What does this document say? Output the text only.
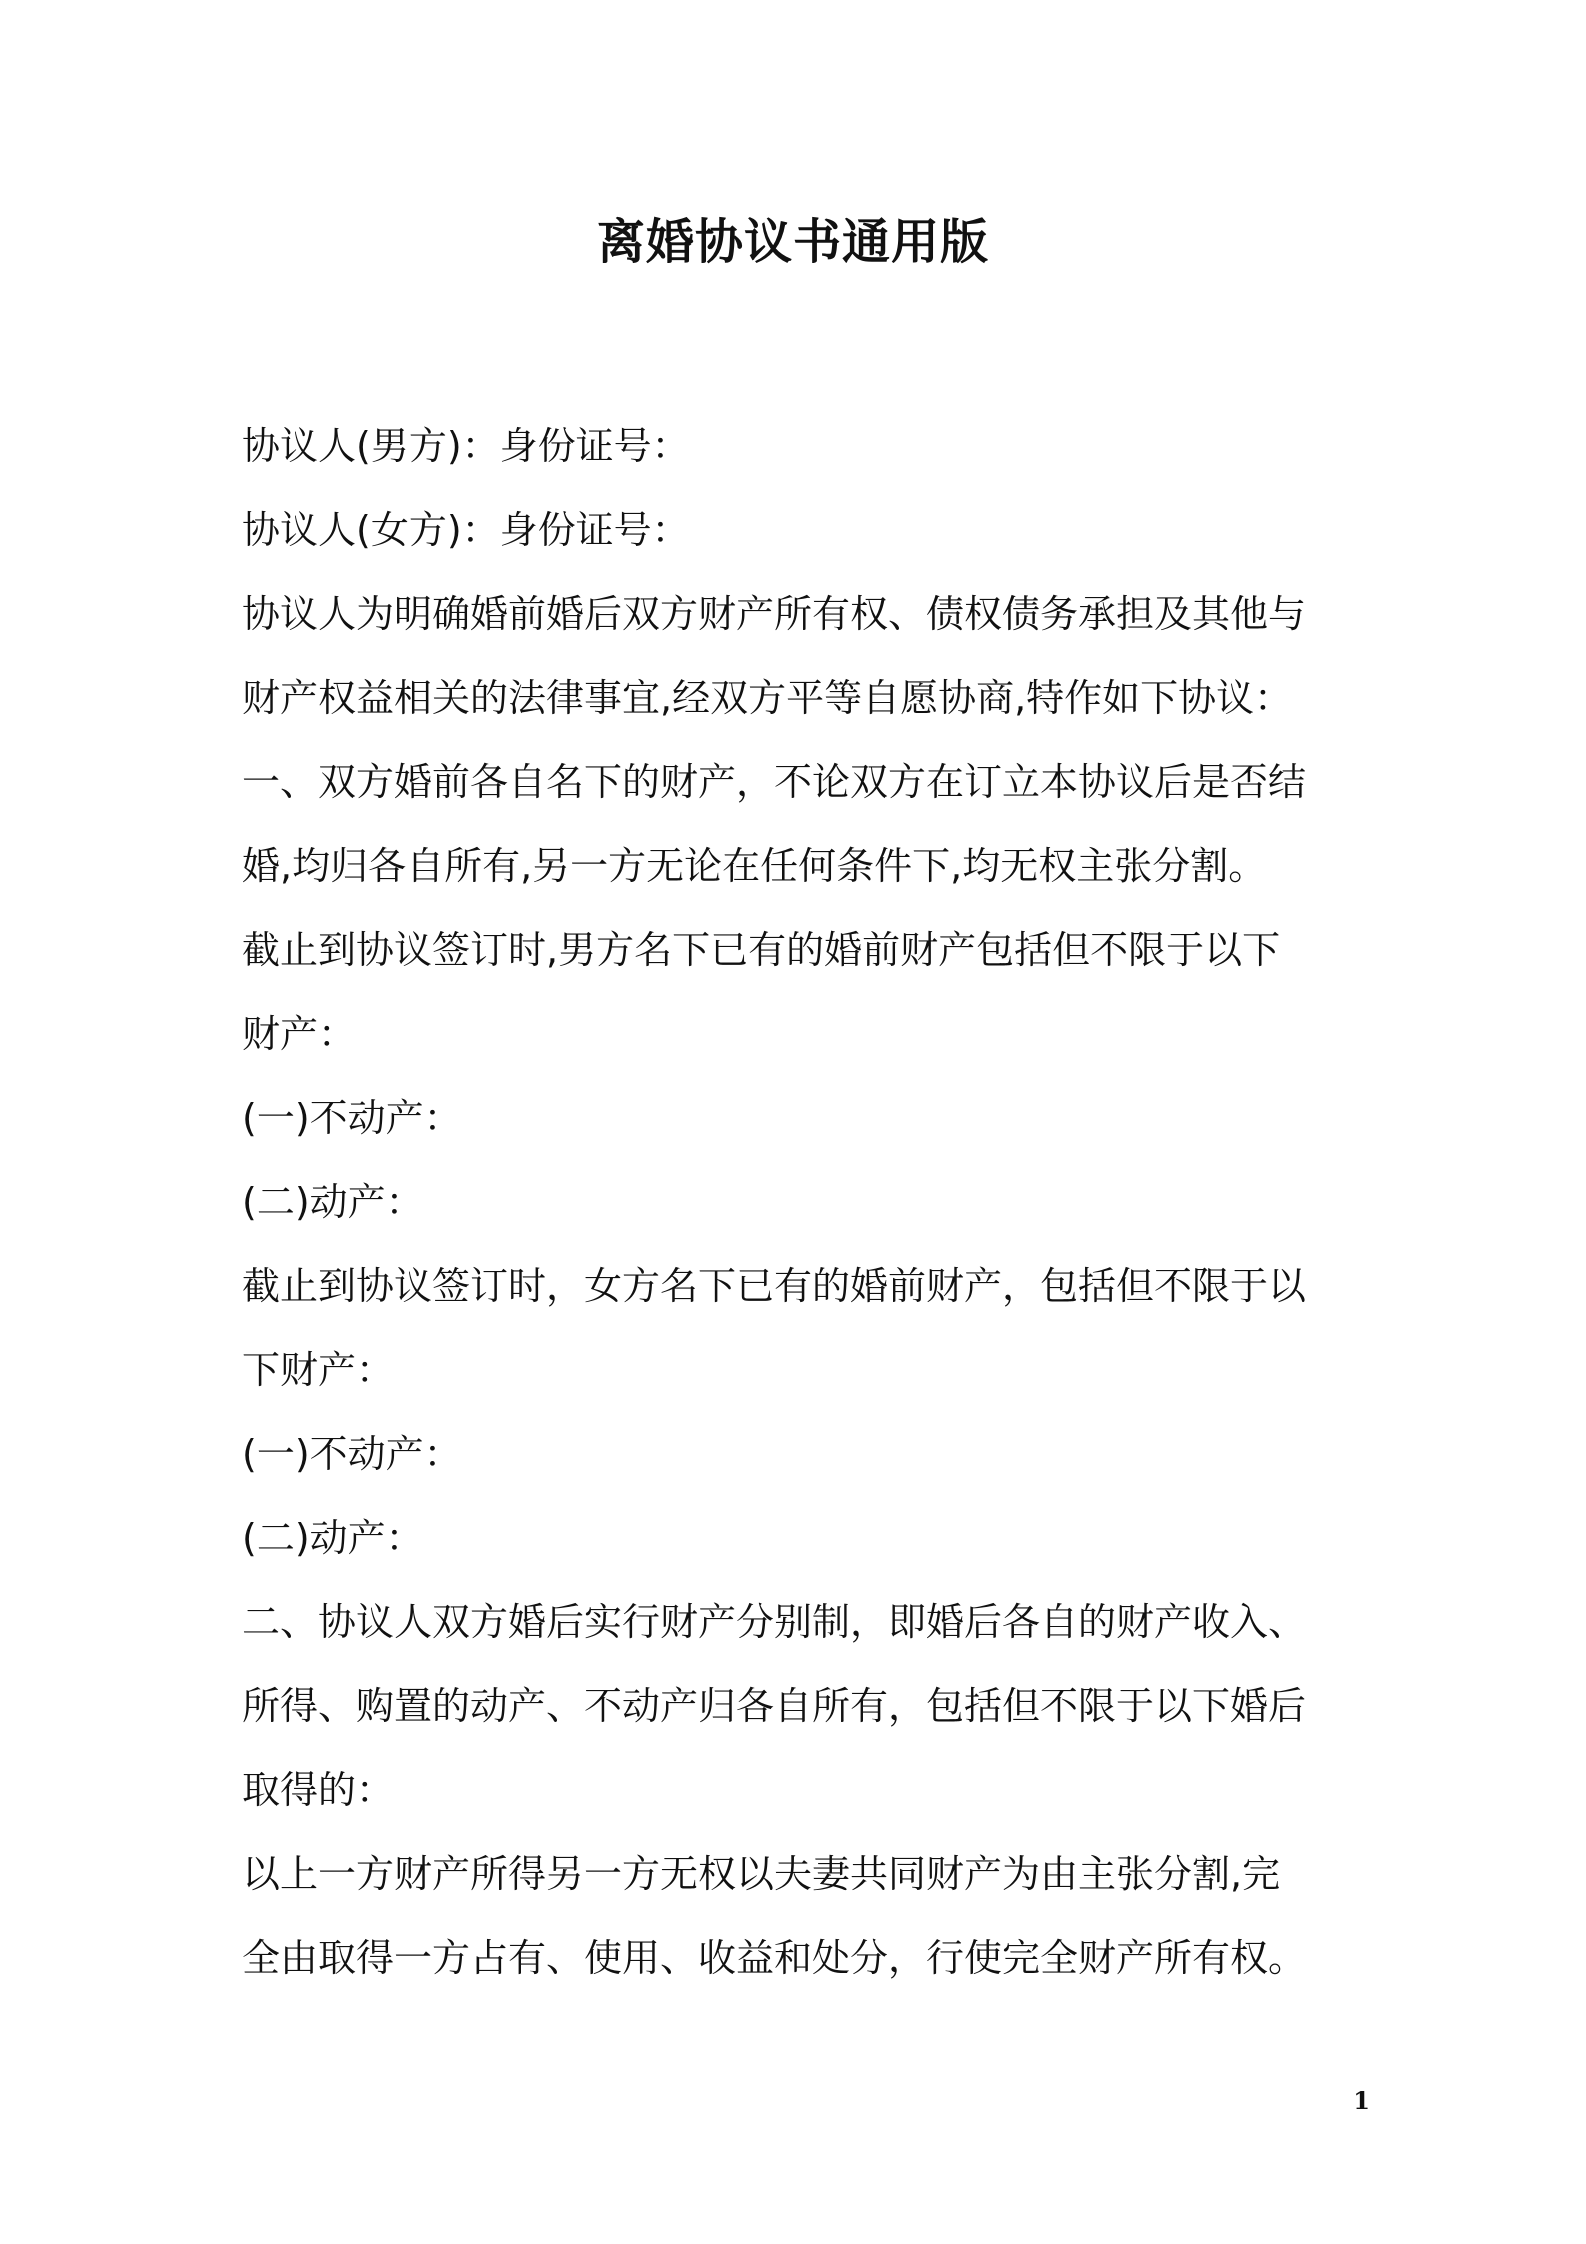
离婚协议书通用版
协议人(男方)：身份证号：
协议人(女方)：身份证号：
协议人为明确婚前婚后双方财产所有权、债权债务承担及其他与
财产权益相关的法律事宜,经双方平等自愿协商,特作如下协议：
一、双方婚前各自名下的财产，不论双方在订立本协议后是否结
婚,均归各自所有,另一方无论在任何条件下,均无权主张分割。
截止到协议签订时,男方名下已有的婚前财产包括但不限于以下
财产：
(一)不动产：
(二)动产：
截止到协议签订时，女方名下已有的婚前财产，包括但不限于以
下财产：
(一)不动产：
(二)动产：
二、协议人双方婚后实行财产分别制，即婚后各自的财产收入、
所得、购置的动产、不动产归各自所有，包括但不限于以下婚后
取得的：
以上一方财产所得另一方无权以夫妻共同财产为由主张分割,完
全由取得一方占有、使用、收益和处分，行使完全财产所有权。
1
